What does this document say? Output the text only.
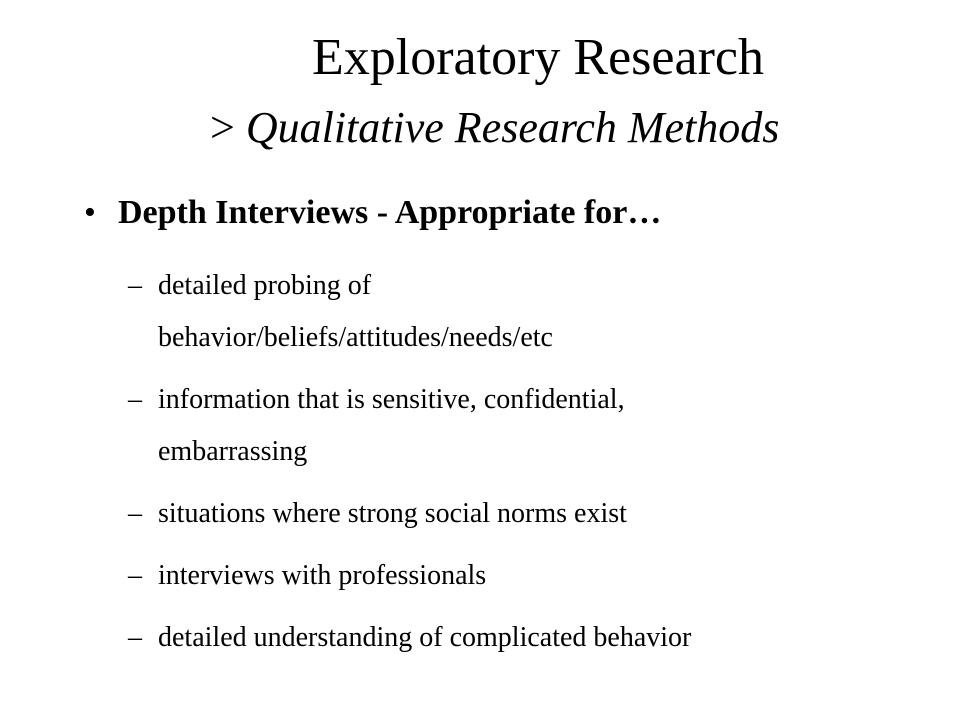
Exploratory Research
> Qualitative Research Methods
• Depth Interviews - Appropriate for…
– detailed probing of
behavior/beliefs/attitudes/needs/etc
– information that is sensitive, confidential,
embarrassing
– situations where strong social norms exist
– interviews with professionals
– detailed understanding of complicated behavior
